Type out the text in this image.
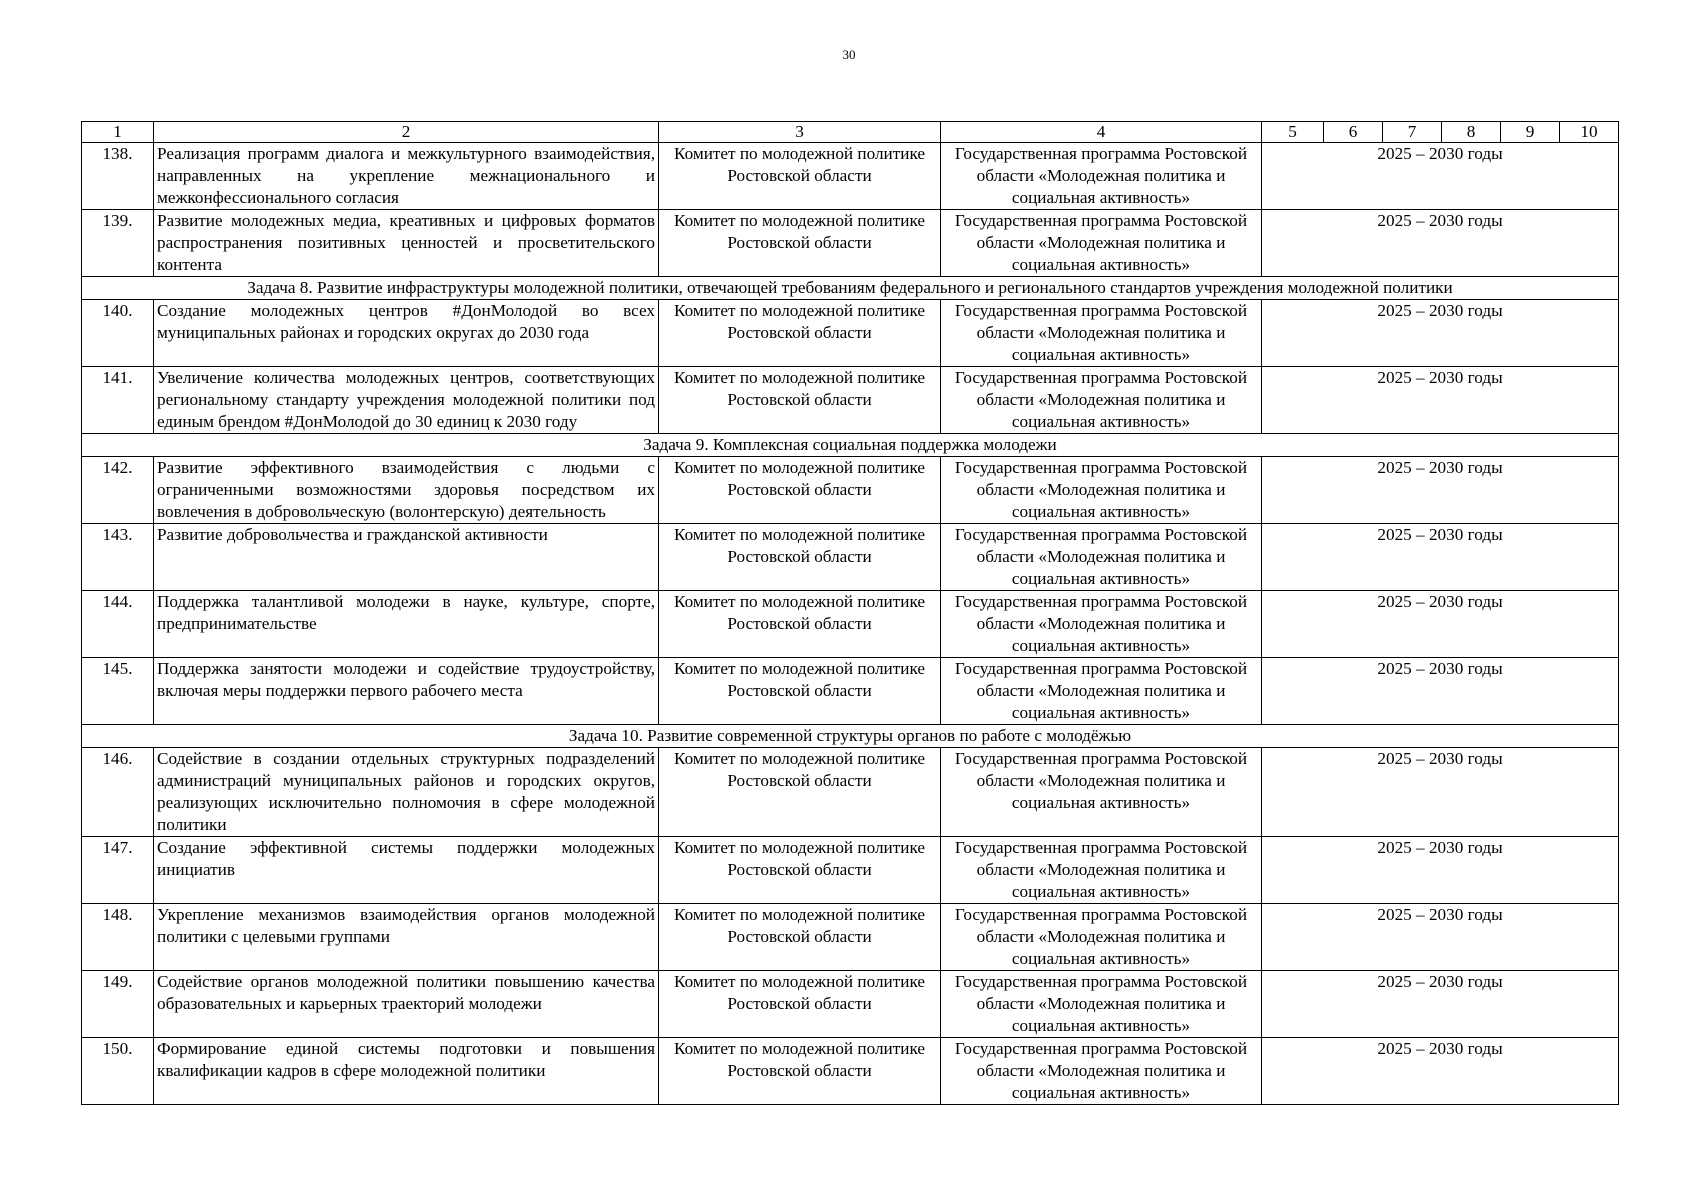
30
1	2	3	4	5	6	7	8	9	10
138.	Реализация программ диалога и межкультурного взаимодействия, направленных на укрепление межнационального и межконфессионального согласия	Комитет по молодежной политике Ростовской области	Государственная программа Ростовской области «Молодежная политика и социальная активность»	2025 – 2030 годы					
139.	Развитие молодежных медиа, креативных и цифровых форматов распространения позитивных ценностей и просветительского контента	Комитет по молодежной политике Ростовской области	Государственная программа Ростовской области «Молодежная политика и социальная активность»	2025 – 2030 годы					
Задача 8. Развитие инфраструктуры молодежной политики, отвечающей требованиям федерального и регионального стандартов учреждения молодежной политики									
140.	Создание молодежных центров #ДонМолодой во всех муниципальных районах и городских округах до 2030 года	Комитет по молодежной политике Ростовской области	Государственная программа Ростовской области «Молодежная политика и социальная активность»	2025 – 2030 годы					
141.	Увеличение количества молодежных центров, соответствующих региональному стандарту учреждения молодежной политики под единым брендом #ДонМолодой до 30 единиц к 2030 году	Комитет по молодежной политике Ростовской области	Государственная программа Ростовской области «Молодежная политика и социальная активность»	2025 – 2030 годы					
Задача 9. Комплексная социальная поддержка молодежи									
142.	Развитие эффективного взаимодействия с людьми с ограниченными возможностями здоровья посредством их вовлечения в добровольческую (волонтерскую) деятельность	Комитет по молодежной политике Ростовской области	Государственная программа Ростовской области «Молодежная политика и социальная активность»	2025 – 2030 годы					
143.	Развитие добровольчества и гражданской активности	Комитет по молодежной политике Ростовской области	Государственная программа Ростовской области «Молодежная политика и социальная активность»	2025 – 2030 годы					
144.	Поддержка талантливой молодежи в науке, культуре, спорте, предпринимательстве	Комитет по молодежной политике Ростовской области	Государственная программа Ростовской области «Молодежная политика и социальная активность»	2025 – 2030 годы					
145.	Поддержка занятости молодежи и содействие трудоустройству, включая меры поддержки первого рабочего места	Комитет по молодежной политике Ростовской области	Государственная программа Ростовской области «Молодежная политика и социальная активность»	2025 – 2030 годы					
Задача 10. Развитие современной структуры органов по работе с молодёжью									
146.	Содействие в создании отдельных структурных подразделений администраций муниципальных районов и городских округов, реализующих исключительно полномочия в сфере молодежной политики	Комитет по молодежной политике Ростовской области	Государственная программа Ростовской области «Молодежная политика и социальная активность»	2025 – 2030 годы					
147.	Создание эффективной системы поддержки молодежных инициатив	Комитет по молодежной политике Ростовской области	Государственная программа Ростовской области «Молодежная политика и социальная активность»	2025 – 2030 годы					
148.	Укрепление механизмов взаимодействия органов молодежной политики с целевыми группами	Комитет по молодежной политике Ростовской области	Государственная программа Ростовской области «Молодежная политика и социальная активность»	2025 – 2030 годы					
149.	Содействие органов молодежной политики повышению качества образовательных и карьерных траекторий молодежи	Комитет по молодежной политике Ростовской области	Государственная программа Ростовской области «Молодежная политика и социальная активность»	2025 – 2030 годы					
150.	Формирование единой системы подготовки и повышения квалификации кадров в сфере молодежной политики	Комитет по молодежной политике Ростовской области	Государственная программа Ростовской области «Молодежная политика и социальная активность»	2025 – 2030 годы					
